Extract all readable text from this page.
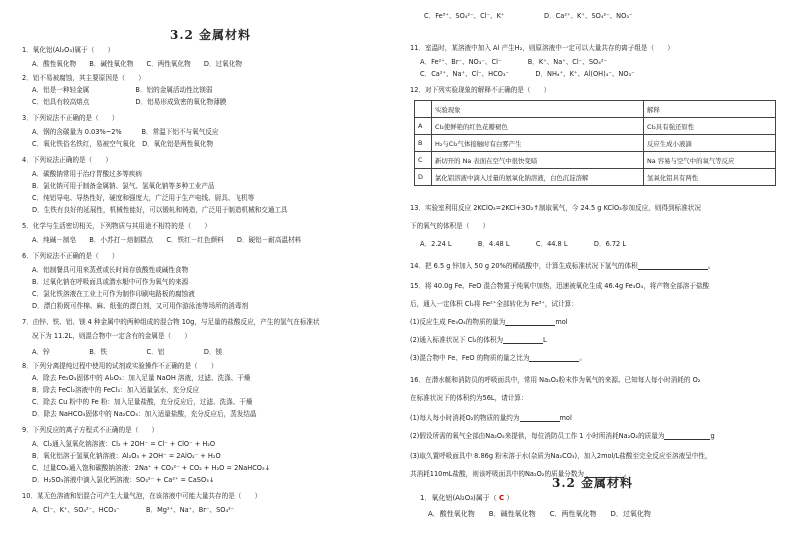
3.2 金属材料
1．氧化铝(Al₂O₃)属于（　　）
A．酸性氧化物　　B．碱性氧化物　　C．两性氧化物　　D．过氧化物
2．铝不易被腐蚀，其主要原因是（　　）
A．铝是一种轻金属　　　　　　　B．铝的金属活动性比镁弱
C．铝具有较高熔点　　　　　　　D．铝易形成致密的氧化物薄膜
3．下列说法不正确的是（　　）
A．钢的含碳量为 0.03%~2%　　　B．常温下铝不与氧气反应
C．氧化铁俗名铁红，易被空气氧化　D．氧化铝是两性氧化物
4．下列说法正确的是（　　）
A．碳酸钠常用于治疗胃酸过多等疾病
B．氯化钠可用于制备金属钠、氯气、氢氧化钠等多种工业产品
C．纯铝导电、导热性好，硬度和强度大，广泛用于生产电线、厨具、飞机等
D．生铁有良好的延展性，机械性能好，可以锻轧和铸造，广泛用于制造机械和交通工具
5．化学与生活密切相关，下列物质与其用途不相符的是（　　）
A．纯碱－制皂　　B．小苏打－焙制糕点　　C．铁红－红色颜料　　D．硬铝－耐高温材料
6．下列说法不正确的是（　　）
A．铝制餐具可用来蒸煮或长时间存放酸性或碱性食物
B．过氧化钠在呼吸面具或潜水艇中可作为氧气的来源
C．氯化铁溶液在工业上可作为制作印刷电路板的腐蚀液
D．漂白粉既可作棉、麻、纸张的漂白剂，又可用作游泳池等场所的消毒剂
7．由锌、铁、铝、镁 4 种金属中的两种组成的混合物 10g，与足量的盐酸反应，产生的氢气在标准状
况下为 11.2L，则混合物中一定含有的金属是（　　）
A．锌　　　　　　B．铁　　　　　　C．铝　　　　　　D．镁
8．下列分离提纯过程中使用的试剂或实验操作不正确的是（　　）
A．除去 Fe₂O₃固体中的 Al₂O₃：加入足量 NaOH 溶液，过滤、洗涤、干燥
B．除去 FeCl₂溶液中的 FeCl₃：加入适量氯水，充分反应
C．除去 Cu 粉中的 Fe 粉：加入足量盐酸，充分反应后，过滤、洗涤、干燥
D．除去 NaHCO₃固体中的 Na₂CO₃：加入适量盐酸，充分反应后，蒸发结晶
9．下列反应的离子方程式不正确的是（　　）
A．Cl₂通入氢氧化钠溶液：Cl₂ + 2OH⁻ = Cl⁻ + ClO⁻ + H₂O
B．氧化铝溶于氢氧化钠溶液：Al₂O₃ + 2OH⁻ = 2AlO₂⁻ + H₂O
C．过量CO₂通入饱和碳酸钠溶液：2Na⁺ + CO₃²⁻ + CO₂ + H₂O = 2NaHCO₃↓
D．H₂SO₃溶液中滴入氯化钙溶液：SO₃²⁻ + Ca²⁺ = CaSO₃↓
10．某无色溶液和铝混合可产生大量气泡，在该溶液中可能大量共存的是（　　）
A．Cl⁻、K⁺、SO₄²⁻、HCO₃⁻　　　　B．Mg²⁺、Na⁺、Br⁻、SO₄²⁻
C．Fe³⁺、SO₄²⁻、Cl⁻、K⁺　　　　　　D．Ca²⁺、K⁺、SO₄²⁻、NO₃⁻
11．室温时，某溶液中加入 Al 产生H₂，则原溶液中一定可以大量共存的离子组是（　　）
A．Fe²⁺、Br⁻、NO₃⁻、Cl⁻　　　　B．K⁺、Na⁺、Cl⁻、SO₄²⁻
C．Ca²⁺、Na⁺、Cl⁻、HCO₃⁻　　　　D．NH₄⁺、K⁺、Al(OH)₄⁻、NO₃⁻
12．对下列实验现象的解释不正确的是（　　）
	实验现象	解释
A	Cl₂使鲜艳的红色花瓣褪色	Cl₂具有强还原性
B	H₂与Cl₂气体接触时有白雾产生	反应生成小液滴
C	新切开的 Na 表面在空气中很快变暗	Na 容易与空气中的氧气等反应
D	氯化铝溶液中滴入过量的氨氧化钠溶液，白色沉淀溶解	氢氧化铝具有两性
13．实验室利用反应 2KClO₃=2KCl+3O₂↑制取氧气，今 24.5 g KClO₃参加反应，则得到标准状况
下的氧气的体积是（　　）
A．2.24 L　　　　B．4.48 L　　　　C．44.8 L　　　　D．6.72 L
14．把 6.5 g 锌加入 50 g 20%的稀硫酸中，计算生成标准状况下氢气的体积	。
15．将 40.0g Fe、FeO 混合物置于纯氧中加热，迅速被氧化生成 46.4g Fe₃O₄，将产物全部溶于盐酸
后，通入一定体积 Cl₂将 Fe²⁺全部转化为 Fe³⁺，试计算：
(1)反应生成 Fe₃O₄的物质的量为	mol
(2)通入标准状况下 Cl₂的体积为	L
(3)混合物中 Fe、FeO 的物质的量之比为	。
16．在潜水艇和消防员的呼吸面具中，常用 Na₂O₂粉末作为氧气的来源。已知每人每小时消耗的 O₂
在标准状况下的体积约为56L，请计算：
(1)每人每小时消耗O₂的物质的量约为	mol
(2)假设所需的氧气全部由Na₂O₂来提供，每位消防员工作 1 小时所消耗Na₂O₂的质量为	g
(3)取久置呼吸面具中 8.86g 粉末溶于水(杂质为Na₂CO₃)，加入2mol/L盐酸至完全反应至溶液呈中性，
共消耗110mL盐酸，则该呼吸面具中的Na₂O₂的质量分数为	。
3.2 金属材料
1．氧化铝(Al₂O₃)属于（ C ）
A．酸性氧化物　　B．碱性氧化物　　C．两性氧化物　　D．过氧化物
